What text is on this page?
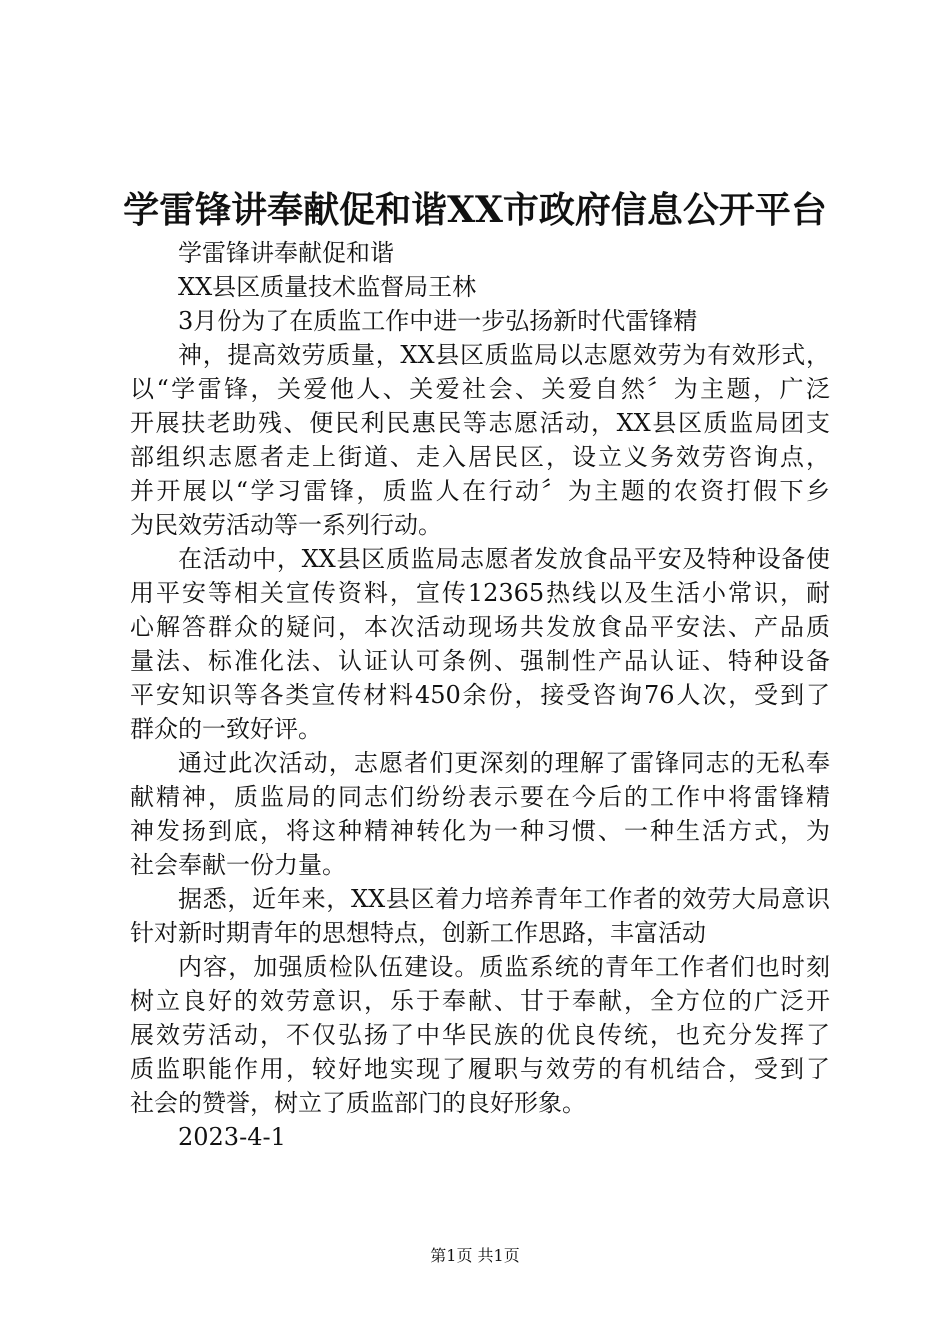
学雷锋讲奉献促和谐XX市政府信息公开平台
学雷锋讲奉献促和谐
XX县区质量技术监督局王林
3月份为了在质监工作中进一步弘扬新时代雷锋精
神，提高效劳质量，XX县区质监局以志愿效劳为有效形式，
以“学雷锋，关爱他人、关爱社会、关爱自然〞为主题，广泛
开展扶老助残、便民利民惠民等志愿活动，XX县区质监局团支
部组织志愿者走上街道、走入居民区，设立义务效劳咨询点，
并开展以“学习雷锋，质监人在行动〞为主题的农资打假下乡
为民效劳活动等一系列行动。
在活动中，XX县区质监局志愿者发放食品平安及特种设备使
用平安等相关宣传资料，宣传12365热线以及生活小常识，耐
心解答群众的疑问，本次活动现场共发放食品平安法、产品质
量法、标准化法、认证认可条例、强制性产品认证、特种设备
平安知识等各类宣传材料450余份，接受咨询76人次，受到了
群众的一致好评。
通过此次活动，志愿者们更深刻的理解了雷锋同志的无私奉
献精神，质监局的同志们纷纷表示要在今后的工作中将雷锋精
神发扬到底，将这种精神转化为一种习惯、一种生活方式，为
社会奉献一份力量。
据悉，近年来，XX县区着力培养青年工作者的效劳大局意识
针对新时期青年的思想特点，创新工作思路，丰富活动
内容，加强质检队伍建设。质监系统的青年工作者们也时刻
树立良好的效劳意识，乐于奉献、甘于奉献，全方位的广泛开
展效劳活动，不仅弘扬了中华民族的优良传统，也充分发挥了
质监职能作用，较好地实现了履职与效劳的有机结合，受到了
社会的赞誉，树立了质监部门的良好形象。
2023-4-1
第1页 共1页
